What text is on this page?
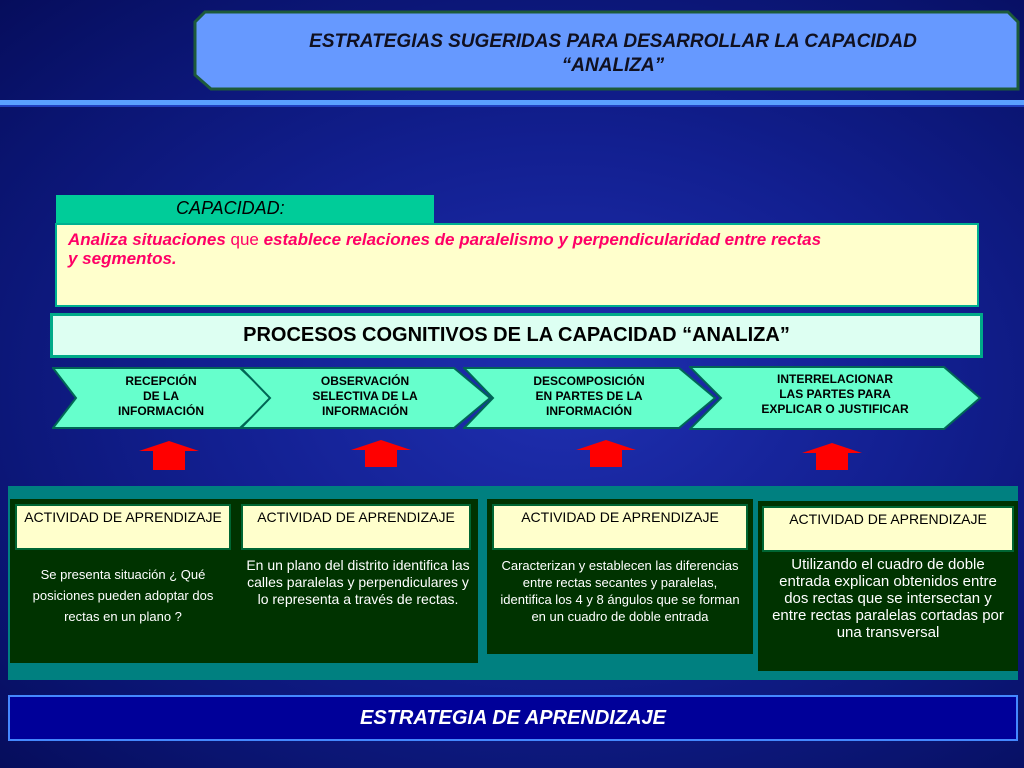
ESTRATEGIAS SUGERIDAS PARA DESARROLLAR LA CAPACIDAD
“ANALIZA”
CAPACIDAD:
Analiza situaciones que establece relaciones de paralelismo y perpendicularidad entre rectas y segmentos.
PROCESOS COGNITIVOS DE LA CAPACIDAD “ANALIZA”
RECEPCIÓN
DE LA
INFORMACIÓN
OBSERVACIÓN
SELECTIVA DE LA
INFORMACIÓN
DESCOMPOSICIÓN
EN PARTES DE LA
INFORMACIÓN
INTERRELACIONAR
LAS PARTES PARA
EXPLICAR O JUSTIFICAR
ACTIVIDAD DE APRENDIZAJE
Se presenta situación ¿ Qué posiciones pueden adoptar dos rectas en un plano ?
ACTIVIDAD DE APRENDIZAJE
En un plano del distrito identifica las calles paralelas y perpendiculares y lo representa a través de rectas.
ACTIVIDAD DE APRENDIZAJE
Caracterizan y establecen las diferencias entre rectas secantes y paralelas, identifica los 4 y 8 ángulos que se forman en un cuadro de doble entrada
ACTIVIDAD DE APRENDIZAJE
Utilizando el cuadro de doble entrada explican obtenidos entre dos rectas que se intersectan y entre rectas paralelas cortadas por una transversal
ESTRATEGIA DE APRENDIZAJE
